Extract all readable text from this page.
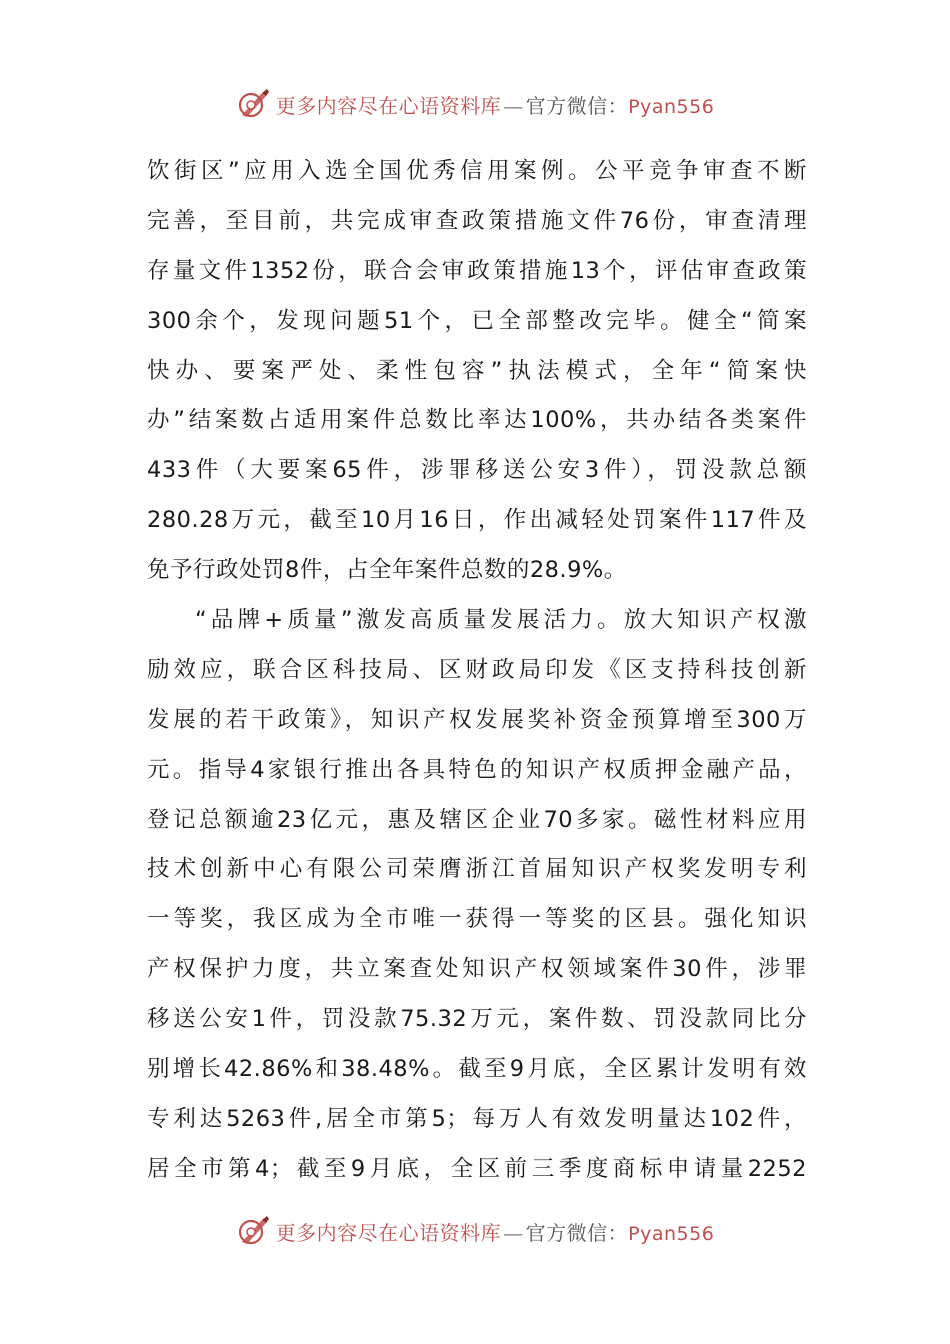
更多内容尽在心语资料库 — 官方微信：Pyan556
饮街区”应用入选全国优秀信用案例。公平竞争审查不断
完善，至目前，共完成审查政策措施文件76份，审查清理
存量文件1352份，联合会审政策措施13个，评估审查政策
300余个，发现问题51个，已全部整改完毕。健全“简案
快办、要案严处、柔性包容”执法模式，全年“简案快
办”结案数占适用案件总数比率达100%，共办结各类案件
433件（大要案65件，涉罪移送公安3件），罚没款总额
280.28万元，截至10月16日，作出减轻处罚案件117件及
免予行政处罚8件，占全年案件总数的28.9%。
“品牌+质量”激发高质量发展活力。放大知识产权激
励效应，联合区科技局、区财政局印发《区支持科技创新
发展的若干政策》，知识产权发展奖补资金预算增至300万
元。指导4家银行推出各具特色的知识产权质押金融产品，
登记总额逾23亿元，惠及辖区企业70多家。磁性材料应用
技术创新中心有限公司荣膺浙江首届知识产权奖发明专利
一等奖，我区成为全市唯一获得一等奖的区县。强化知识
产权保护力度，共立案查处知识产权领域案件30件，涉罪
移送公安1件，罚没款75.32万元，案件数、罚没款同比分
别增长42.86%和38.48%。截至9月底，全区累计发明有效
专利达5263件,居全市第5；每万人有效发明量达102件，
居全市第4；截至9月底，全区前三季度商标申请量2252
更多内容尽在心语资料库 — 官方微信：Pyan556
